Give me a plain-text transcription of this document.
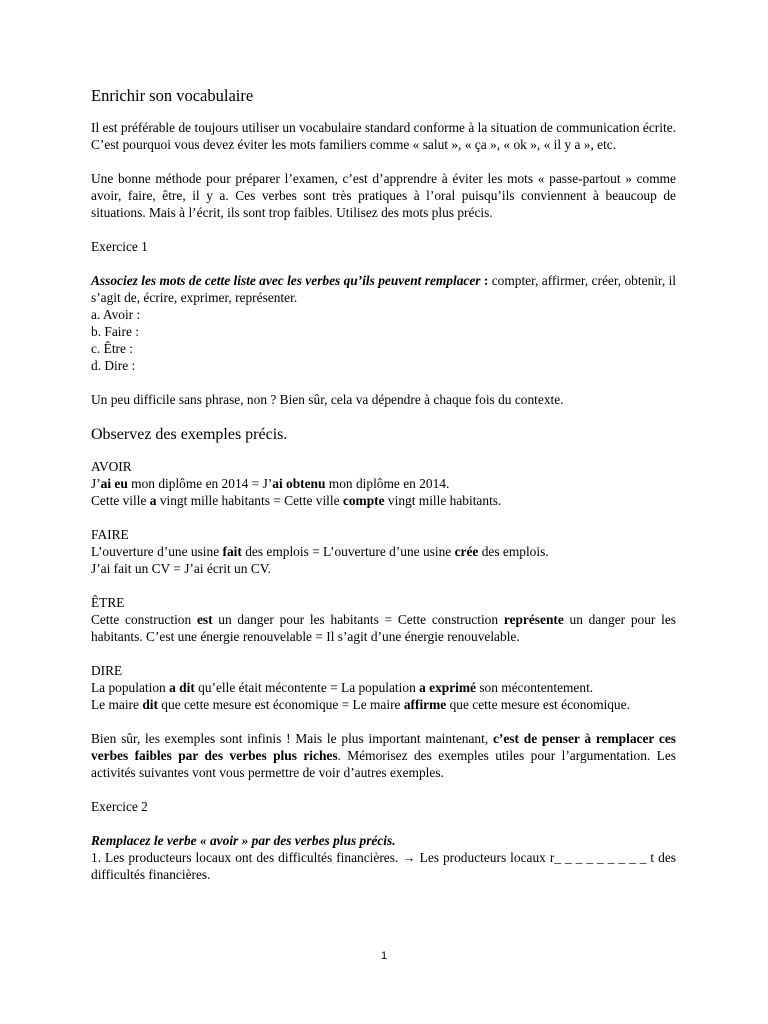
Enrichir son vocabulaire

Il est préférable de toujours utiliser un vocabulaire standard conforme à la situation de communication écrite. C’est pourquoi vous devez éviter les mots familiers comme « salut », « ça », « ok », « il y a », etc.

Une bonne méthode pour préparer l’examen, c’est d’apprendre à éviter les mots « passe-partout » comme avoir, faire, être, il y a. Ces verbes sont très pratiques à l’oral puisqu’ils conviennent à beaucoup de situations. Mais à l’écrit, ils sont trop faibles. Utilisez des mots plus précis.

Exercice 1

Associez les mots de cette liste avec les verbes qu’ils peuvent remplacer : compter, affirmer, créer, obtenir, il s’agit de, écrire, exprimer, représenter.
a. Avoir :
b. Faire :
c. Être :
d. Dire :

Un peu difficile sans phrase, non ? Bien sûr, cela va dépendre à chaque fois du contexte.

Observez des exemples précis.
AVOIR
J’ai eu mon diplôme en 2014 = J’ai obtenu mon diplôme en 2014.
Cette ville a vingt mille habitants = Cette ville compte vingt mille habitants.
FAIRE
L’ouverture d’une usine fait des emplois = L’ouverture d’une usine crée des emplois.
J’ai fait un CV = J’ai écrit un CV.
ÊTRE
Cette construction est un danger pour les habitants = Cette construction représente un danger pour les habitants. C’est une énergie renouvelable = Il s’agit d’une énergie renouvelable.
DIRE
La population a dit qu’elle était mécontente = La population a exprimé son mécontentement.
Le maire dit que cette mesure est économique = Le maire affirme que cette mesure est économique.

Bien sûr, les exemples sont infinis ! Mais le plus important maintenant, c’est de penser à remplacer ces verbes faibles par des verbes plus riches. Mémorisez des exemples utiles pour l’argumentation. Les activités suivantes vont vous permettre de voir d’autres exemples.

Exercice 2

Remplacez le verbe « avoir » par des verbes plus précis.
1. Les producteurs locaux ont des difficultés financières. → Les producteurs locaux r_ _ _ _ _ _ _ _ _ t des difficultés financières.
1
